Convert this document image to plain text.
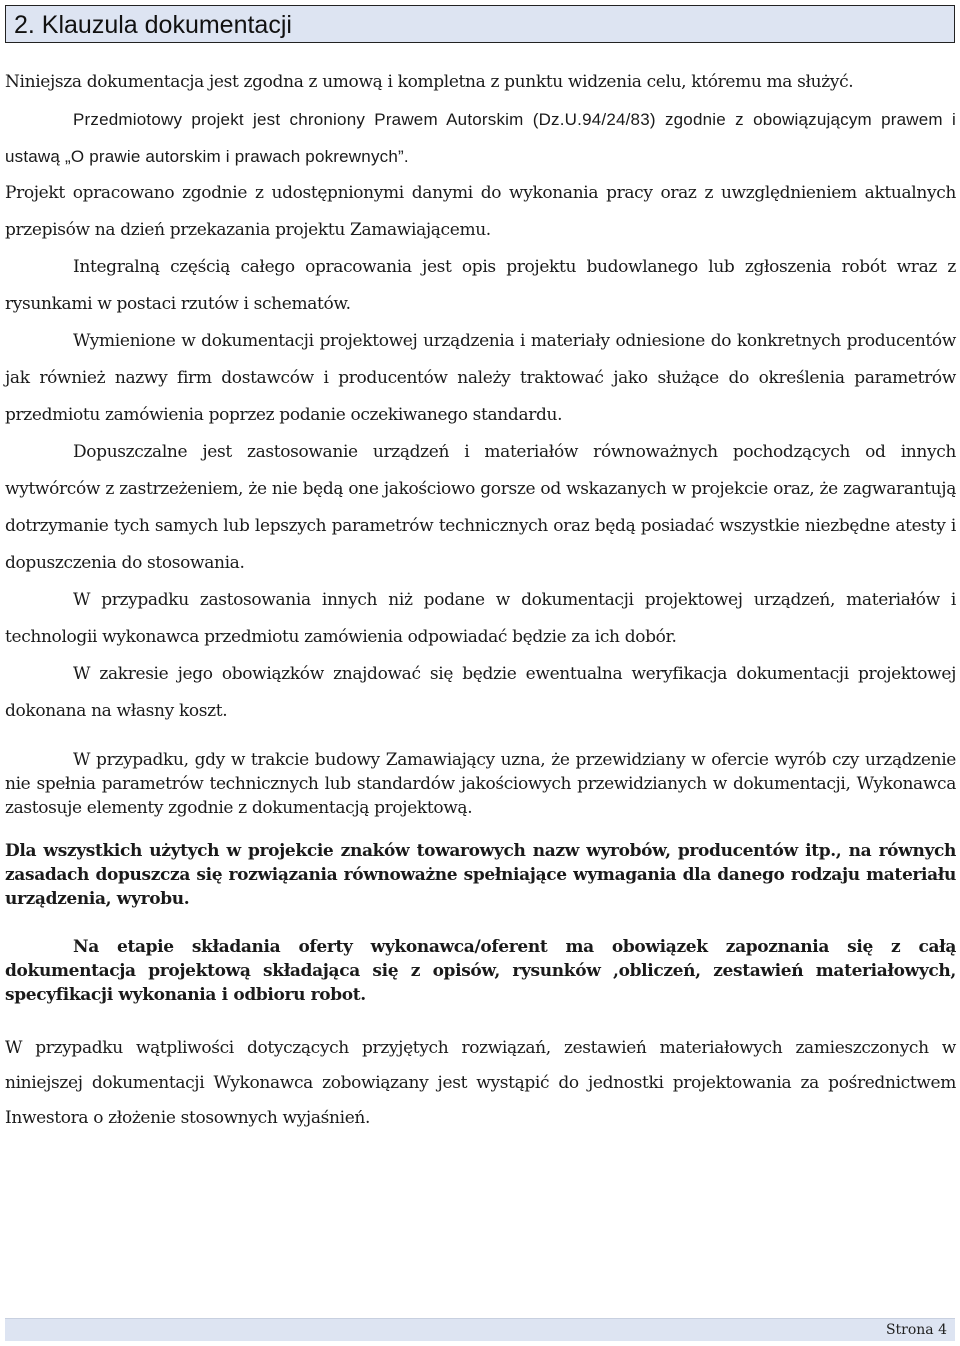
2. Klauzula dokumentacji

Niniejsza dokumentacja jest zgodna z umową i kompletna z punktu widzenia celu, któremu ma służyć.

Przedmiotowy projekt jest chroniony Prawem Autorskim (Dz.U.94/24/83) zgodnie z obowiązującym prawem i ustawą „O prawie autorskim i prawach pokrewnych”.

Projekt opracowano zgodnie z udostępnionymi danymi do wykonania pracy oraz z uwzględnieniem aktualnych przepisów na dzień przekazania projektu Zamawiającemu.

Integralną częścią całego opracowania jest opis projektu budowlanego lub zgłoszenia robót wraz z rysunkami w postaci rzutów i schematów.

Wymienione w dokumentacji projektowej urządzenia i materiały odniesione do konkretnych producentów jak również nazwy firm dostawców i producentów należy traktować jako służące do określenia parametrów przedmiotu zamówienia poprzez podanie oczekiwanego standardu.

Dopuszczalne jest zastosowanie urządzeń i materiałów równoważnych pochodzących od innych wytwórców z zastrzeżeniem, że nie będą one jakościowo gorsze od wskazanych w projekcie oraz, że zagwarantują dotrzymanie tych samych lub lepszych parametrów technicznych oraz będą posiadać wszystkie niezbędne atesty i dopuszczenia do stosowania.

W przypadku zastosowania innych niż podane w dokumentacji projektowej urządzeń, materiałów i technologii wykonawca przedmiotu zamówienia odpowiadać będzie za ich dobór.

W zakresie jego obowiązków znajdować się będzie ewentualna weryfikacja dokumentacji projektowej dokonana na własny koszt.

W przypadku, gdy w trakcie budowy Zamawiający uzna, że przewidziany w ofercie wyrób czy urządzenie nie spełnia parametrów technicznych lub standardów jakościowych przewidzianych w dokumentacji, Wykonawca zastosuje elementy zgodnie z dokumentacją projektową.

Dla wszystkich użytych w projekcie znaków towarowych nazw wyrobów, producentów itp., na równych zasadach dopuszcza się rozwiązania równoważne spełniające wymagania dla danego rodzaju materiału urządzenia, wyrobu.

Na etapie składania oferty wykonawca/oferent ma obowiązek zapoznania się z całą dokumentacja projektową składająca się z opisów, rysunków ,obliczeń, zestawień materiałowych, specyfikacji wykonania i odbioru robot.

W przypadku wątpliwości dotyczących przyjętych rozwiązań, zestawień materiałowych zamieszczonych w niniejszej dokumentacji Wykonawca zobowiązany jest wystąpić do jednostki projektowania za pośrednictwem Inwestora o złożenie stosownych wyjaśnień.

Strona 4
